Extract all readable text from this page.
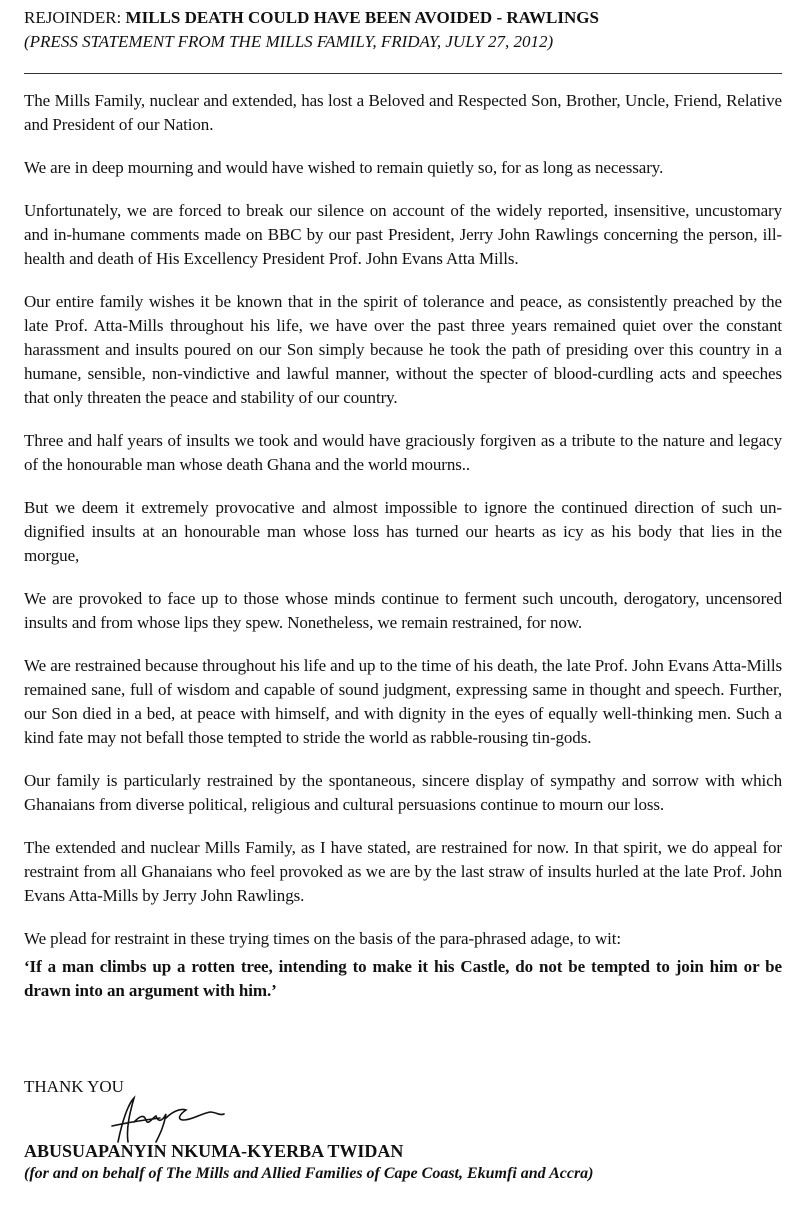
REJOINDER: MILLS DEATH COULD HAVE BEEN AVOIDED - RAWLINGS
(PRESS STATEMENT FROM THE MILLS FAMILY, FRIDAY, JULY 27, 2012)

The Mills Family, nuclear and extended, has lost a Beloved and Respected Son, Brother, Uncle, Friend, Relative and President of our Nation.

We are in deep mourning and would have wished to remain quietly so, for as long as necessary.

Unfortunately, we are forced to break our silence on account of the widely reported, insensitive, uncustomary and in-humane comments made on BBC by our past President, Jerry John Rawlings concerning the person, ill-health and death of His Excellency President Prof. John Evans Atta Mills.

Our entire family wishes it be known that in the spirit of tolerance and peace, as consistently preached by the late Prof. Atta-Mills throughout his life, we have over the past three years remained quiet over the constant harassment and insults poured on our Son simply because he took the path of presiding over this country in a humane, sensible, non-vindictive and lawful manner, without the specter of blood-curdling acts and speeches that only threaten the peace and stability of our country.

Three and half years of insults we took and would have graciously forgiven as a tribute to the nature and legacy of the honourable man whose death Ghana and the world mourns..

But we deem it extremely provocative and almost impossible to ignore the continued direction of such un-dignified insults at an honourable man whose loss has turned our hearts as icy as his body that lies in the morgue,

We are provoked to face up to those whose minds continue to ferment such uncouth, derogatory, uncensored insults and from whose lips they spew. Nonetheless, we remain restrained, for now.

We are restrained because throughout his life and up to the time of his death, the late Prof. John Evans Atta-Mills remained sane, full of wisdom and capable of sound judgment, expressing same in thought and speech. Further, our Son died in a bed, at peace with himself, and with dignity in the eyes of equally well-thinking men. Such a kind fate may not befall those tempted to stride the world as rabble-rousing tin-gods.

Our family is particularly restrained by the spontaneous, sincere display of sympathy and sorrow with which Ghanaians from diverse political, religious and cultural persuasions continue to mourn our loss.

The extended and nuclear Mills Family, as I have stated, are restrained for now. In that spirit, we do appeal for restraint from all Ghanaians who feel provoked as we are by the last straw of insults hurled at the late Prof. John Evans Atta-Mills by Jerry John Rawlings.

We plead for restraint in these trying times on the basis of the para-phrased adage, to wit:

‘If a man climbs up a rotten tree, intending to make it his Castle, do not be tempted to join him or be drawn into an argument with him.’

THANK YOU
ABUSUAPANYIN NKUMA-KYERBA TWIDAN
(for and on behalf of The Mills and Allied Families of Cape Coast, Ekumfi and Accra)
